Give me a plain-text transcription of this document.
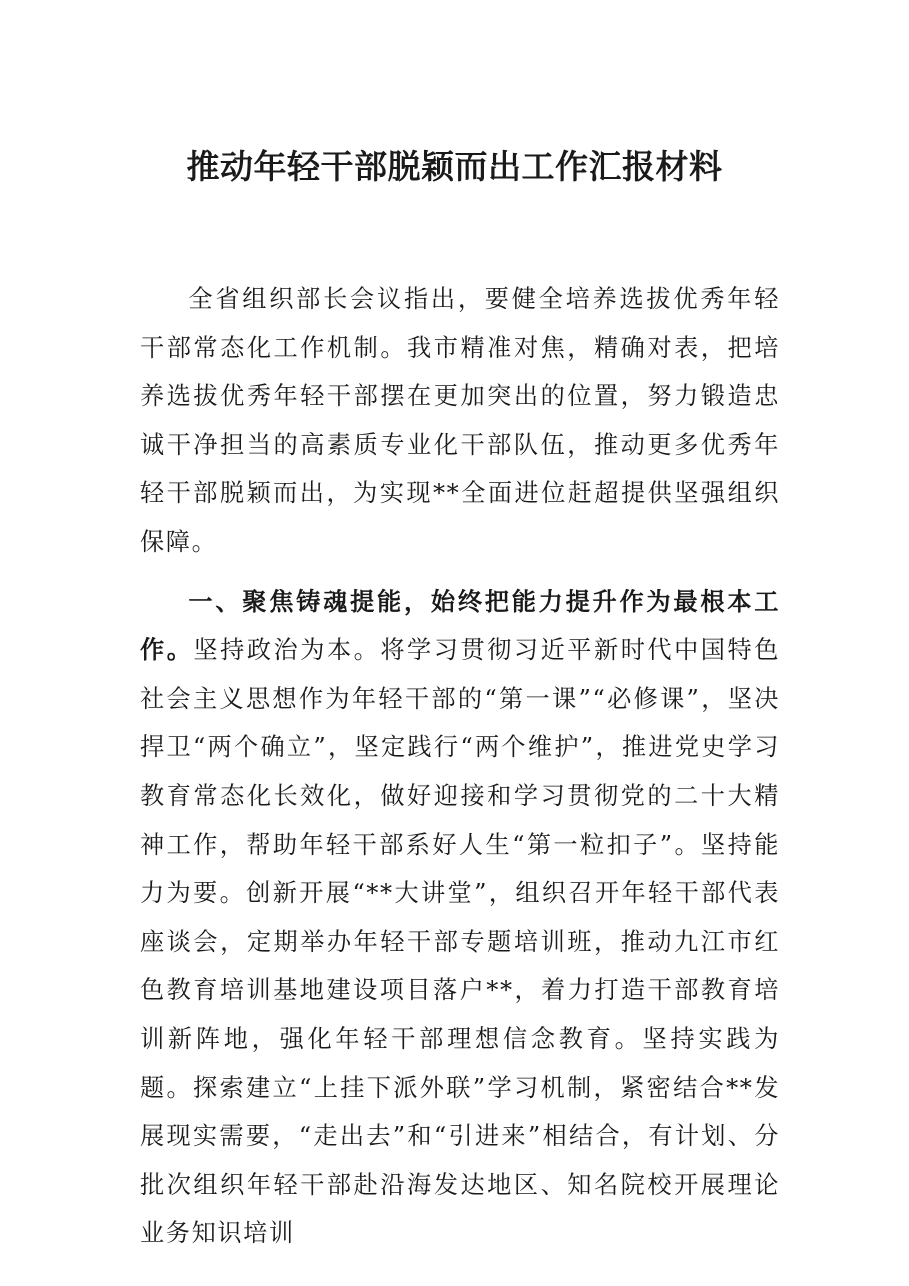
推动年轻干部脱颖而出工作汇报材料

全省组织部长会议指出，要健全培养选拔优秀年轻干部常态化工作机制。我市精准对焦，精确对表，把培养选拔优秀年轻干部摆在更加突出的位置，努力锻造忠诚干净担当的高素质专业化干部队伍，推动更多优秀年轻干部脱颖而出，为实现**全面进位赶超提供坚强组织保障。

一、聚焦铸魂提能，始终把能力提升作为最根本工作。坚持政治为本。将学习贯彻习近平新时代中国特色社会主义思想作为年轻干部的“第一课”“必修课”，坚决捍卫“两个确立”，坚定践行“两个维护”，推进党史学习教育常态化长效化，做好迎接和学习贯彻党的二十大精神工作，帮助年轻干部系好人生“第一粒扣子”。坚持能力为要。创新开展“**大讲堂”，组织召开年轻干部代表座谈会，定期举办年轻干部专题培训班，推动九江市红色教育培训基地建设项目落户**，着力打造干部教育培训新阵地，强化年轻干部理想信念教育。坚持实践为题。探索建立“上挂下派外联”学习机制，紧密结合**发展现实需要，“走出去”和“引进来”相结合，有计划、分批次组织年轻干部赴沿海发达地区、知名院校开展理论业务知识培训
